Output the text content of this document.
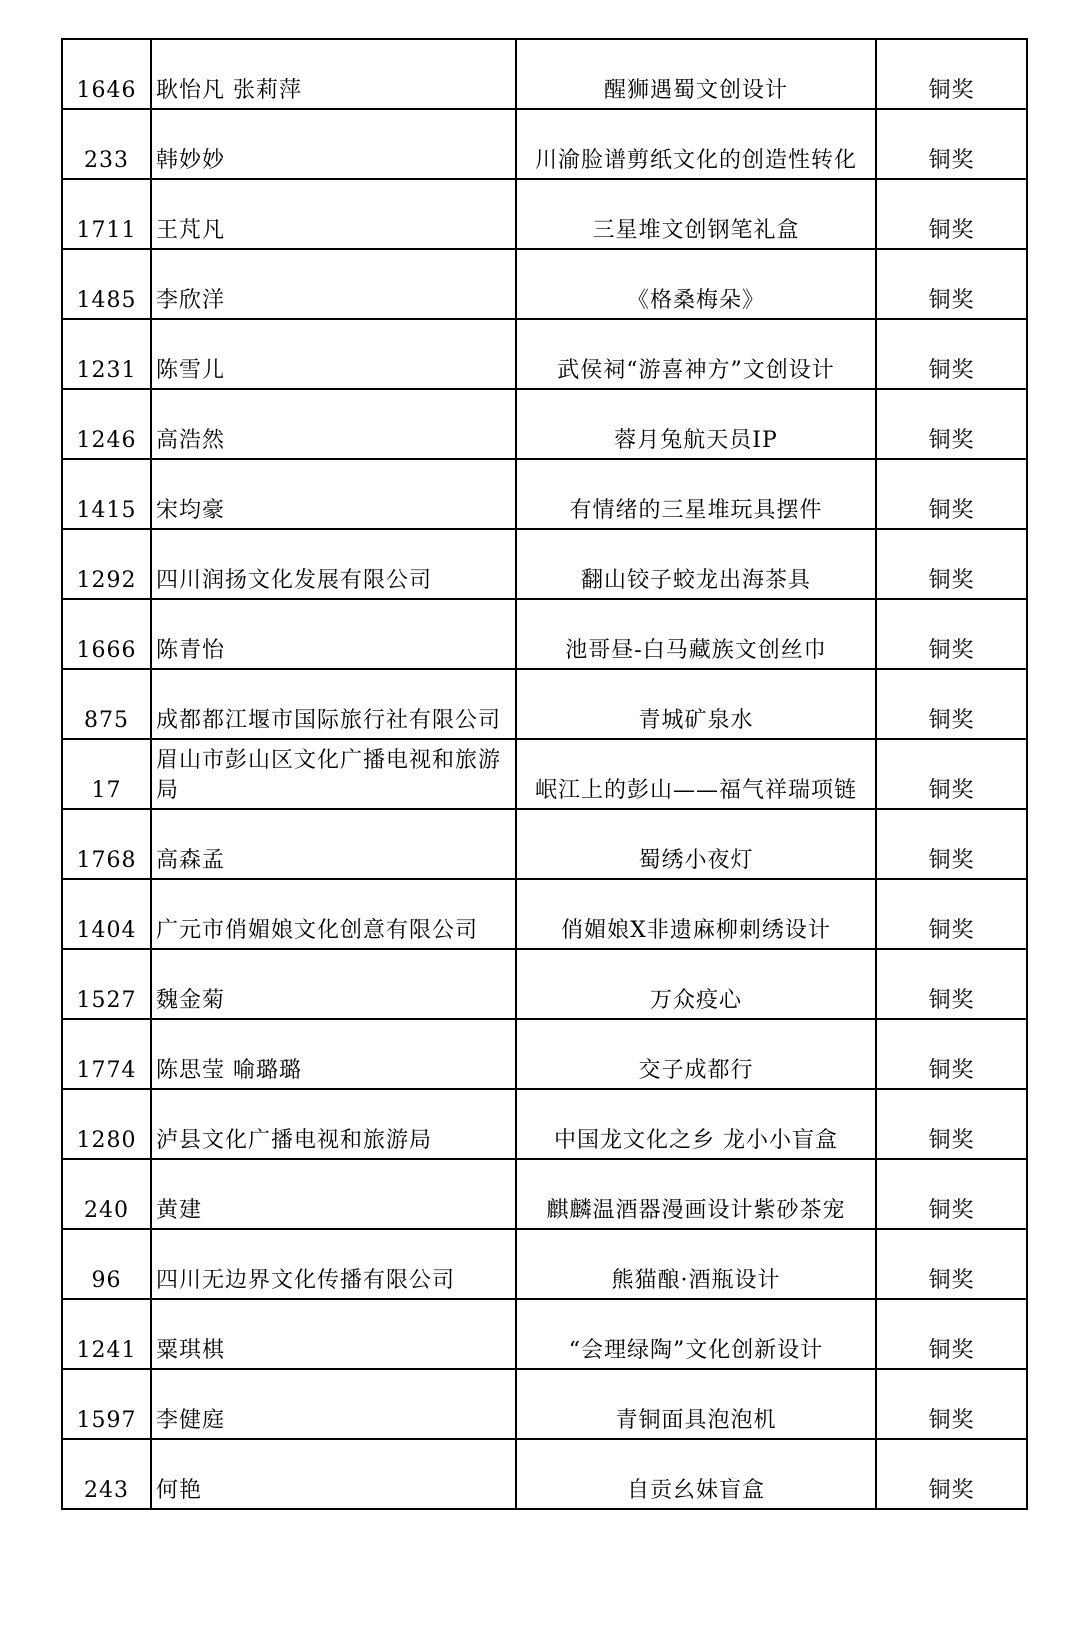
1646	耿怡凡 张莉萍	醒狮遇蜀文创设计	铜奖

233	韩妙妙	川渝脸谱剪纸文化的创造性转化	铜奖

1711	王芃凡	三星堆文创钢笔礼盒	铜奖

1485	李欣洋	《格桑梅朵》	铜奖

1231	陈雪儿	武侯祠“游喜神方”文创设计	铜奖

1246	高浩然	蓉月兔航天员IP	铜奖

1415	宋均豪	有情绪的三星堆玩具摆件	铜奖

1292	四川润扬文化发展有限公司	翻山铰子蛟龙出海茶具	铜奖

1666	陈青怡	池哥昼-白马藏族文创丝巾	铜奖

875	成都都江堰市国际旅行社有限公司	青城矿泉水	铜奖

17	眉山市彭山区文化广播电视和旅游局	岷江上的彭山——福气祥瑞项链	铜奖

1768	高森孟	蜀绣小夜灯	铜奖

1404	广元市俏媚娘文化创意有限公司	俏媚娘X非遗麻柳刺绣设计	铜奖

1527	魏金菊	万众疫心	铜奖

1774	陈思莹 喻璐璐	交子成都行	铜奖

1280	泸县文化广播电视和旅游局	中国龙文化之乡 龙小小盲盒	铜奖

240	黄建	麒麟温酒器漫画设计紫砂茶宠	铜奖

96	四川无边界文化传播有限公司	熊猫酿·酒瓶设计	铜奖

1241	粟琪棋	“会理绿陶”文化创新设计	铜奖

1597	李健庭	青铜面具泡泡机	铜奖

243	何艳	自贡幺妹盲盒	铜奖
